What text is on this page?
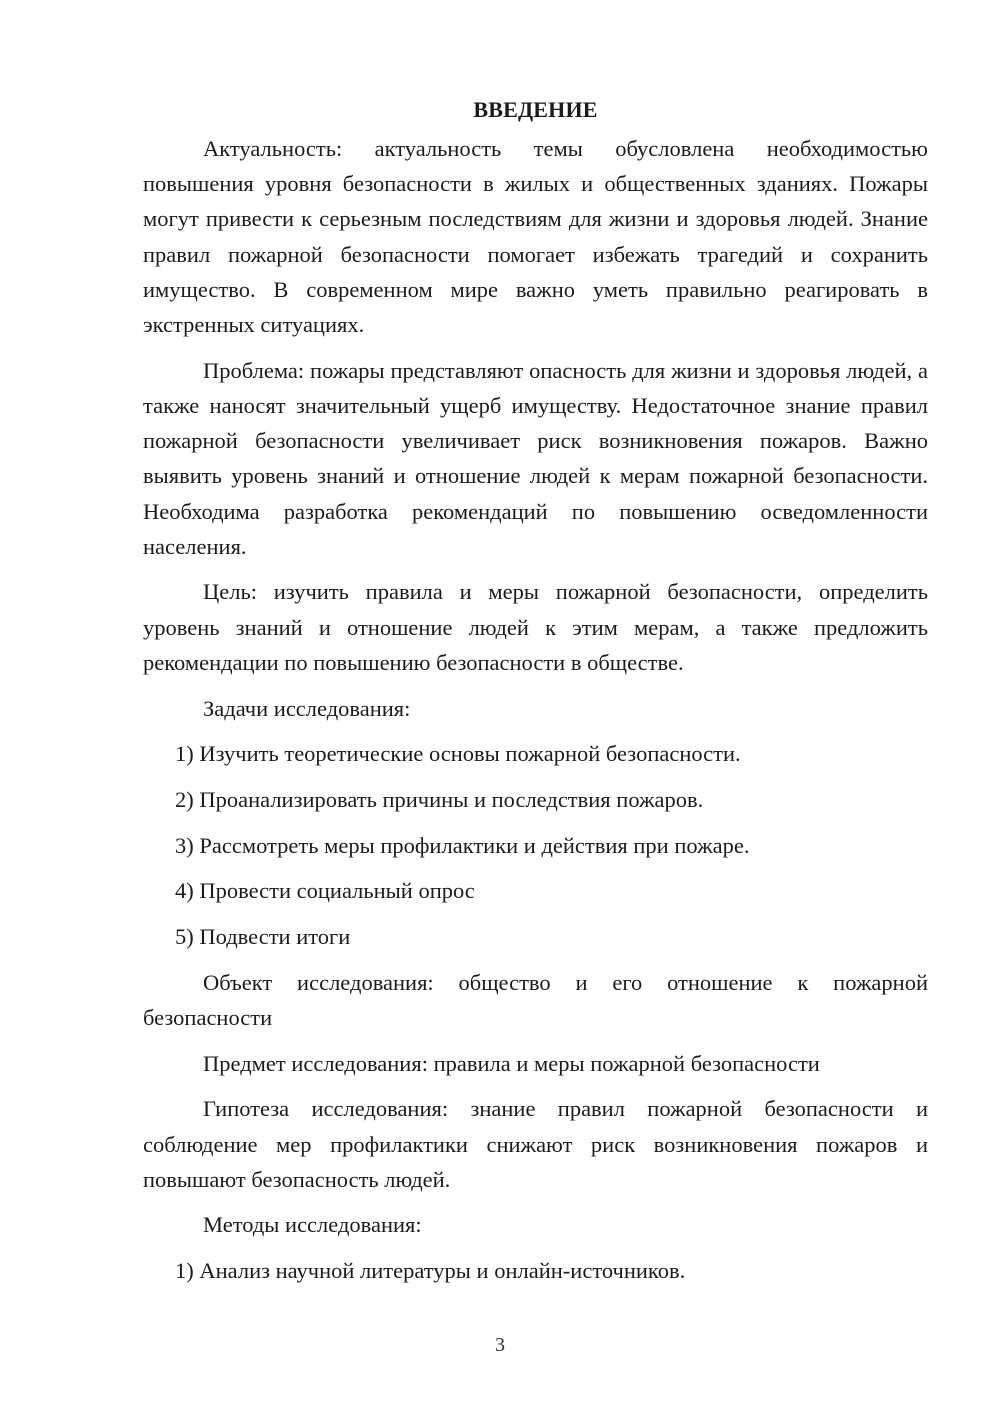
ВВЕДЕНИЕ

Актуальность: актуальность темы обусловлена необходимостью повышения уровня безопасности в жилых и общественных зданиях. Пожары могут привести к серьезным последствиям для жизни и здоровья людей. Знание правил пожарной безопасности помогает избежать трагедий и сохранить имущество. В современном мире важно уметь правильно реагировать в экстренных ситуациях.

Проблема: пожары представляют опасность для жизни и здоровья людей, а также наносят значительный ущерб имуществу. Недостаточное знание правил пожарной безопасности увеличивает риск возникновения пожаров. Важно выявить уровень знаний и отношение людей к мерам пожарной безопасности. Необходима разработка рекомендаций по повышению осведомленности населения.

Цель: изучить правила и меры пожарной безопасности, определить уровень знаний и отношение людей к этим мерам, а также предложить рекомендации по повышению безопасности в обществе.

Задачи исследования:

1) Изучить теоретические основы пожарной безопасности.

2) Проанализировать причины и последствия пожаров.

3) Рассмотреть меры профилактики и действия при пожаре.

4) Провести социальный опрос

5) Подвести итоги

Объект исследования: общество и его отношение к пожарной безопасности

Предмет исследования: правила и меры пожарной безопасности

Гипотеза исследования: знание правил пожарной безопасности и соблюдение мер профилактики снижают риск возникновения пожаров и повышают безопасность людей.

Методы исследования:

1) Анализ научной литературы и онлайн-источников.

3
